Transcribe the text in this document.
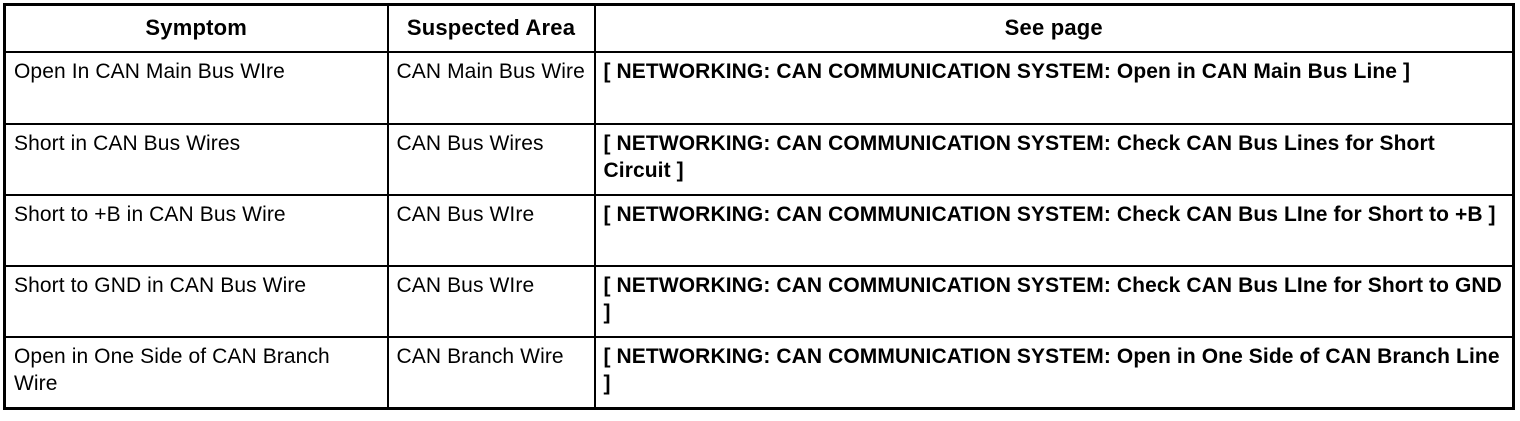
Symptom	Suspected Area	See page
Open In CAN Main Bus WIre	CAN Main Bus Wire	[ NETWORKING: CAN COMMUNICATION SYSTEM: Open in CAN Main Bus Line ]
Short in CAN Bus Wires	CAN Bus Wires	[ NETWORKING: CAN COMMUNICATION SYSTEM: Check CAN Bus Lines for Short Circuit ]
Short to +B in CAN Bus Wire	CAN Bus WIre	[ NETWORKING: CAN COMMUNICATION SYSTEM: Check CAN Bus LIne for Short to +B ]
Short to GND in CAN Bus Wire	CAN Bus WIre	[ NETWORKING: CAN COMMUNICATION SYSTEM: Check CAN Bus LIne for Short to GND ]
Open in One Side of CAN Branch Wire	CAN Branch Wire	[ NETWORKING: CAN COMMUNICATION SYSTEM: Open in One Side of CAN Branch Line ]
